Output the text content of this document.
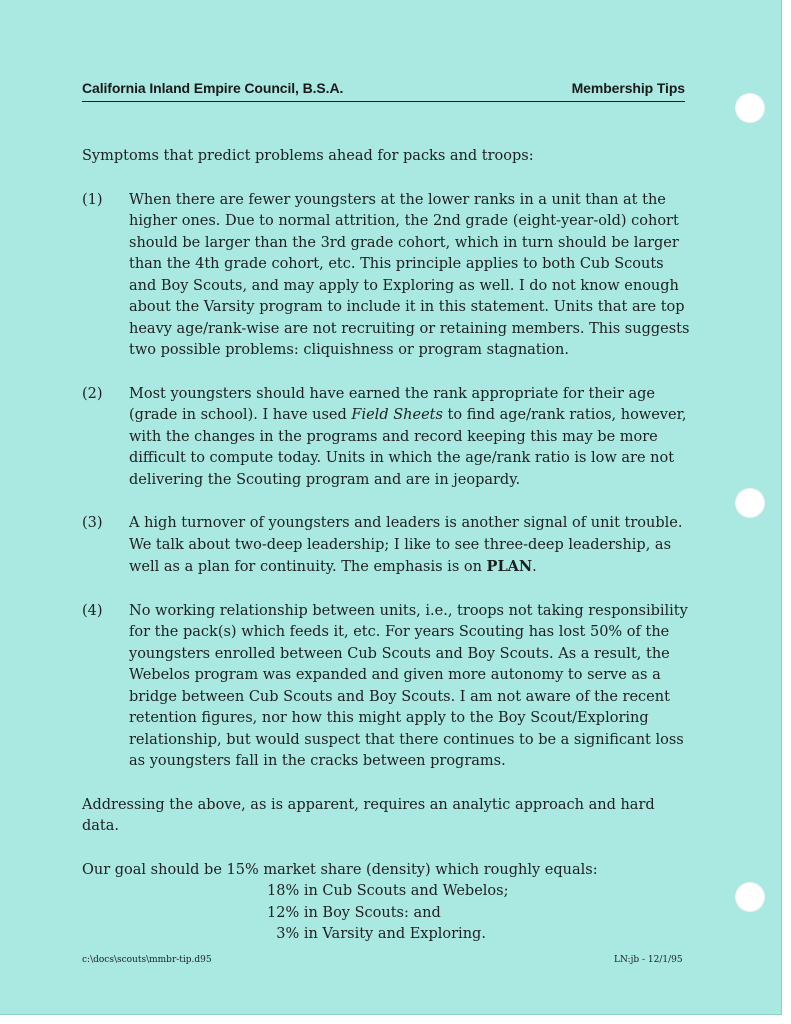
California Inland Empire Council, B.S.A.	Membership Tips

Symptoms that predict problems ahead for packs and troops:

(1)	When there are fewer youngsters at the lower ranks in a unit than at the higher ones. Due to normal attrition, the 2nd grade (eight-year-old) cohort should be larger than the 3rd grade cohort, which in turn should be larger than the 4th grade cohort, etc. This principle applies to both Cub Scouts and Boy Scouts, and may apply to Exploring as well. I do not know enough about the Varsity program to include it in this statement. Units that are top heavy age/rank-wise are not recruiting or retaining members. This suggests two possible problems: cliquishness or program stagnation.

(2)	Most youngsters should have earned the rank appropriate for their age (grade in school). I have used Field Sheets to find age/rank ratios, however, with the changes in the programs and record keeping this may be more difficult to compute today. Units in which the age/rank ratio is low are not delivering the Scouting program and are in jeopardy.

(3)	A high turnover of youngsters and leaders is another signal of unit trouble. We talk about two-deep leadership; I like to see three-deep leadership, as well as a plan for continuity. The emphasis is on PLAN.

(4)	No working relationship between units, i.e., troops not taking responsibility for the pack(s) which feeds it, etc. For years Scouting has lost 50% of the youngsters enrolled between Cub Scouts and Boy Scouts. As a result, the Webelos program was expanded and given more autonomy to serve as a bridge between Cub Scouts and Boy Scouts. I am not aware of the recent retention figures, nor how this might apply to the Boy Scout/Exploring relationship, but would suspect that there continues to be a significant loss as youngsters fall in the cracks between programs.

Addressing the above, as is apparent, requires an analytic approach and hard data.

Our goal should be 15% market share (density) which roughly equals:

18% in Cub Scouts and Webelos;
12% in Boy Scouts: and
3% in Varsity and Exploring.
c:\docs\scouts\mmbr-tip.d95	LN:jb - 12/1/95
